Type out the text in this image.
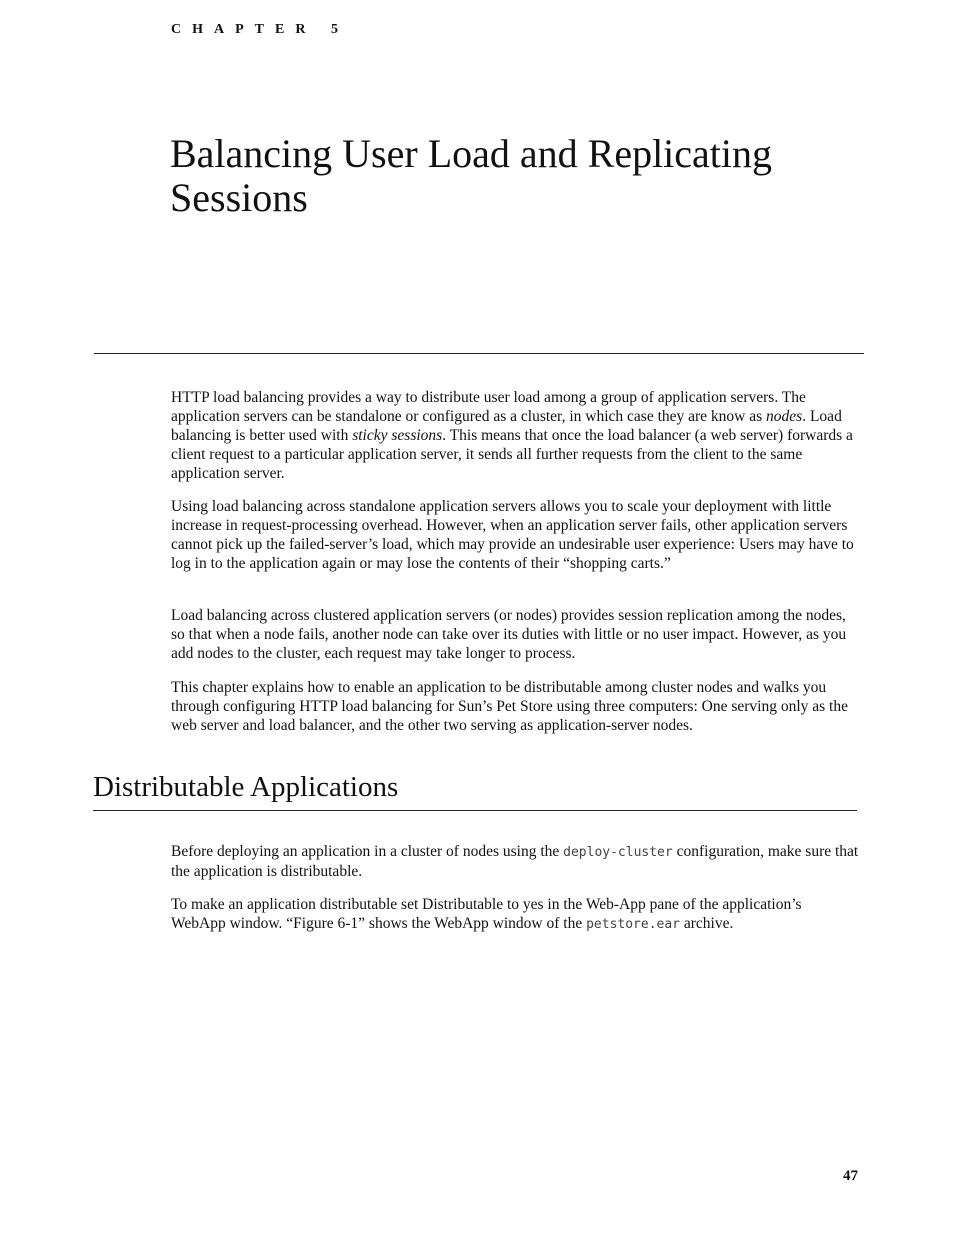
CHAPTER 5
Balancing User Load and Replicating
Sessions

HTTP load balancing provides a way to distribute user load among a group of application servers. The application servers can be standalone or configured as a cluster, in which case they are know as nodes. Load balancing is better used with sticky sessions. This means that once the load balancer (a web server) forwards a client request to a particular application server, it sends all further requests from the client to the same application server.

Using load balancing across standalone application servers allows you to scale your deployment with little increase in request-processing overhead. However, when an application server fails, other application servers cannot pick up the failed-server’s load, which may provide an undesirable user experience: Users may have to log in to the application again or may lose the contents of their “shopping carts.”

Load balancing across clustered application servers (or nodes) provides session replication among the nodes, so that when a node fails, another node can take over its duties with little or no user impact. However, as you add nodes to the cluster, each request may take longer to process.

This chapter explains how to enable an application to be distributable among cluster nodes and walks you through configuring HTTP load balancing for Sun’s Pet Store using three computers: One serving only as the web server and load balancer, and the other two serving as application-server nodes.

Distributable Applications

Before deploying an application in a cluster of nodes using the deploy-cluster configuration, make sure that the application is distributable.

To make an application distributable set Distributable to yes in the Web-App pane of the application’s WebApp window. “Figure 6-1” shows the WebApp window of the petstore.ear archive.

47
